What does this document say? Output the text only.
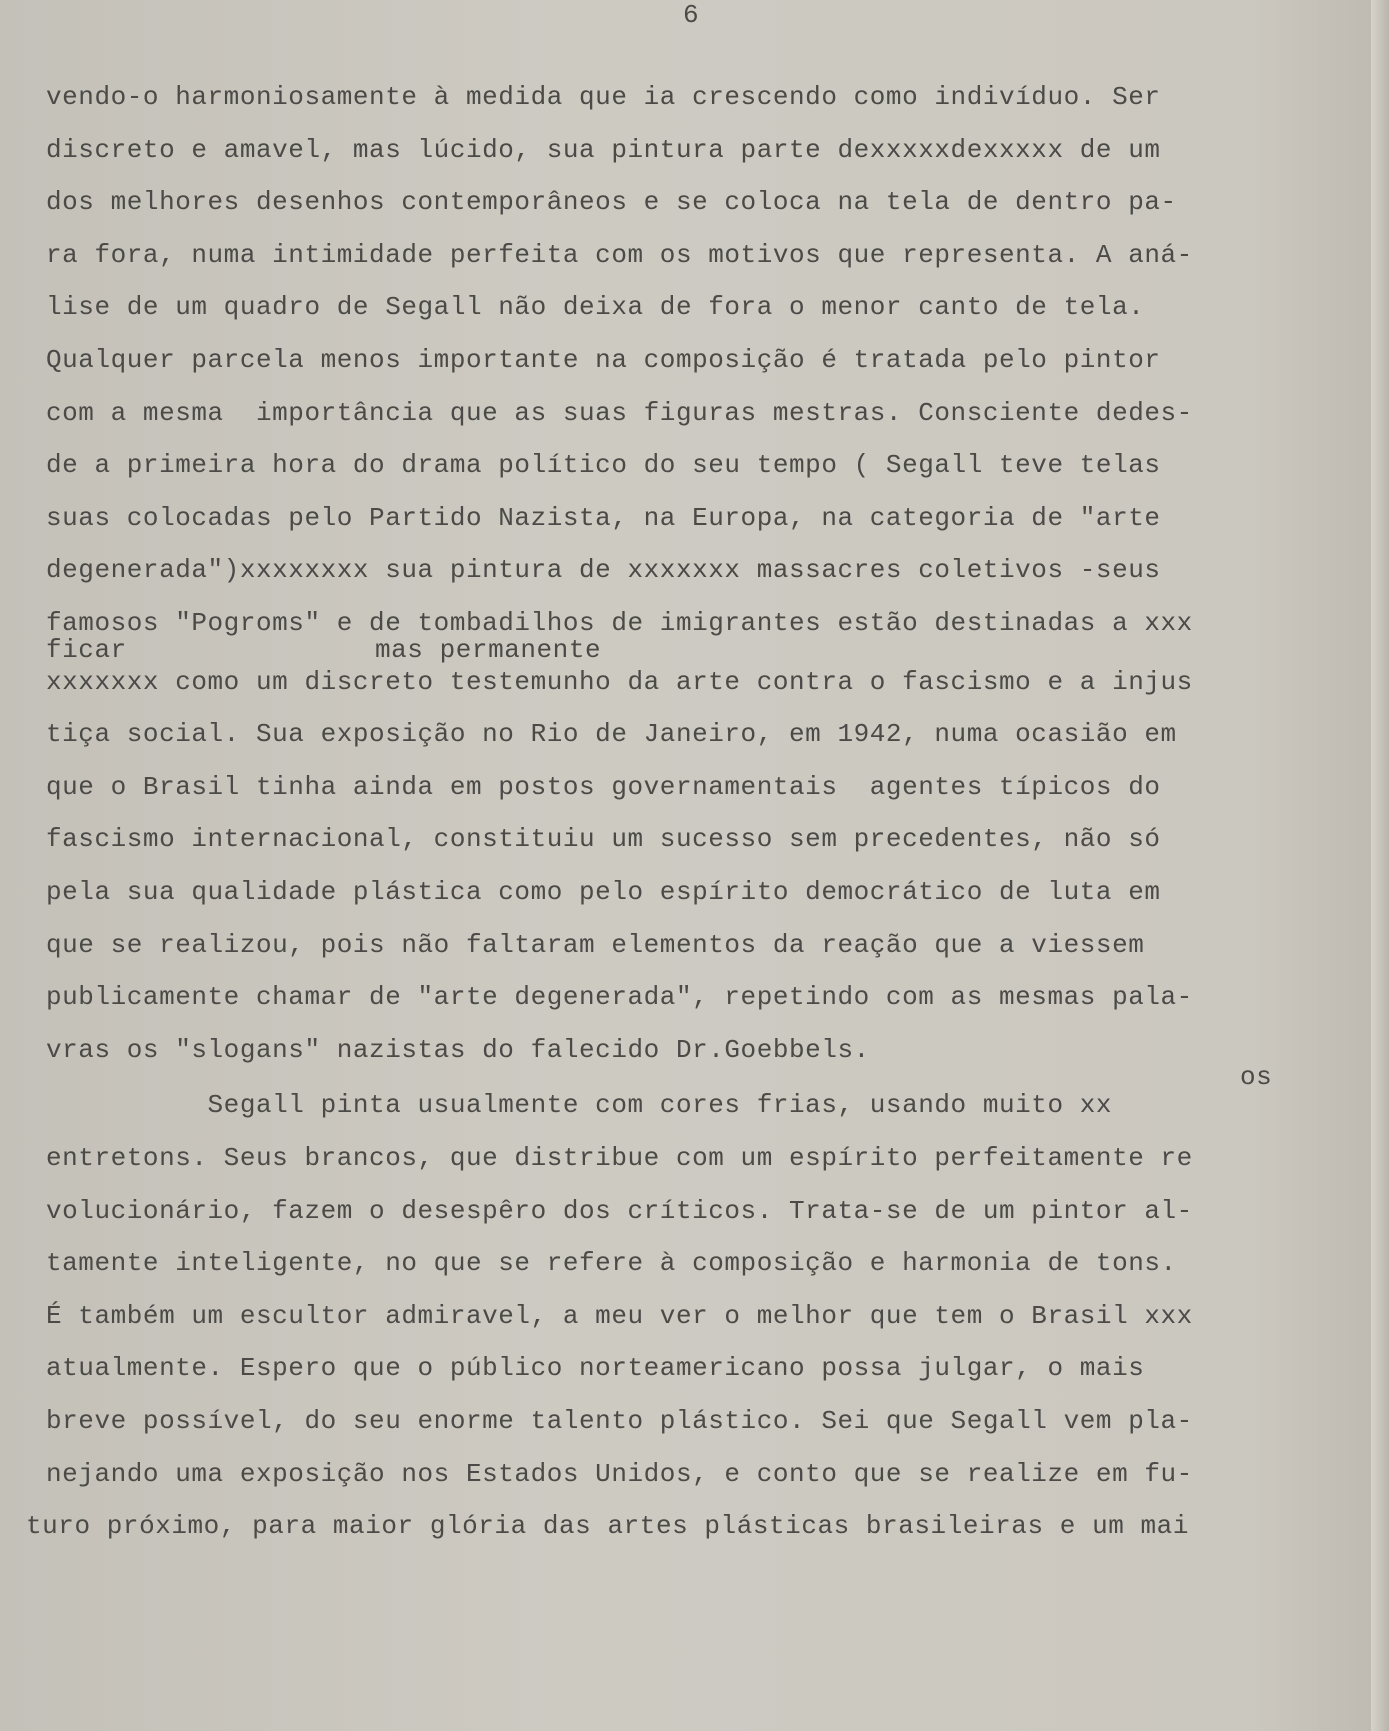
6
vendo-o harmoniosamente à medida que ia crescendo como indivíduo. Ser
discreto e amavel, mas lúcido, sua pintura parte dexxxxxdexxxxx de um
dos melhores desenhos contemporâneos e se coloca na tela de dentro pa-
ra fora, numa intimidade perfeita com os motivos que representa. A aná-
lise de um quadro de Segall não deixa de fora o menor canto de tela.
Qualquer parcela menos importante na composição é tratada pelo pintor
com a mesma  importância que as suas figuras mestras. Consciente dedes-
de a primeira hora do drama político do seu tempo ( Segall teve telas
suas colocadas pelo Partido Nazista, na Europa, na categoria de "arte
degenerada")xxxxxxxx sua pintura de xxxxxxx massacres coletivos -seus
famosos "Pogroms" e de tombadilhos de imigrantes estão destinadas a xxx
xxxxxxx como um discreto testemunho da arte contra o fascismo e a injus
tiça social. Sua exposição no Rio de Janeiro, em 1942, numa ocasião em
que o Brasil tinha ainda em postos governamentais  agentes típicos do
fascismo internacional, constituiu um sucesso sem precedentes, não só
pela sua qualidade plástica como pelo espírito democrático de luta em
que se realizou, pois não faltaram elementos da reação que a viessem
publicamente chamar de "arte degenerada", repetindo com as mesmas pala-
vras os "slogans" nazistas do falecido Dr.Goebbels.
Segall pinta usualmente com cores frias, usando muito xx
entretons. Seus brancos, que distribue com um espírito perfeitamente re
volucionário, fazem o desespêro dos críticos. Trata-se de um pintor al-
tamente inteligente, no que se refere à composição e harmonia de tons.
É também um escultor admiravel, a meu ver o melhor que tem o Brasil xxx
atualmente. Espero que o público norteamericano possa julgar, o mais
breve possível, do seu enorme talento plástico. Sei que Segall vem pla-
nejando uma exposição nos Estados Unidos, e conto que se realize em fu-
turo próximo, para maior glória das artes plásticas brasileiras e um mai
ficar	mas permanente
os
